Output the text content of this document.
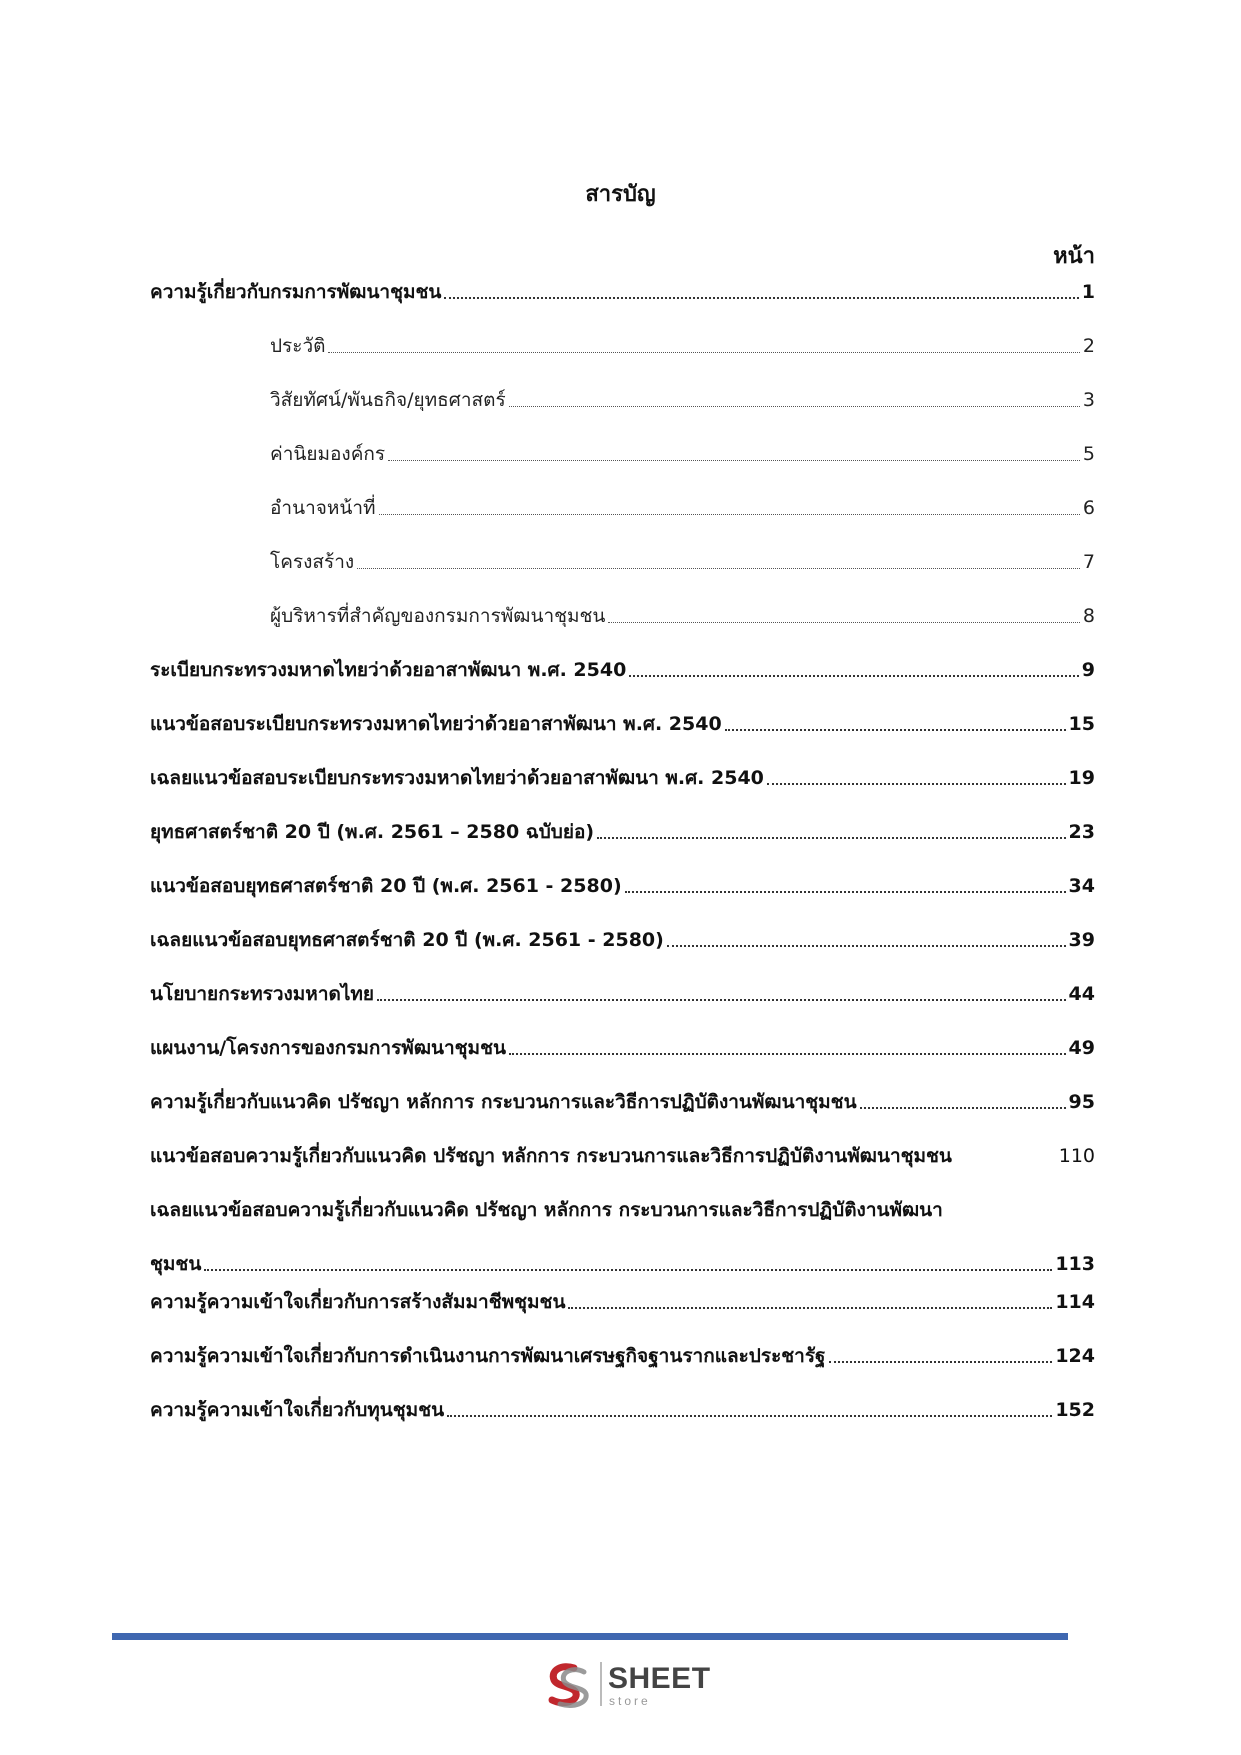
สารบัญ
หน้า
ความรู้เกี่ยวกับกรมการพัฒนาชุมชน	1
ประวัติ	2
วิสัยทัศน์/พันธกิจ/ยุทธศาสตร์	3
ค่านิยมองค์กร	5
อำนาจหน้าที่	6
โครงสร้าง	7
ผู้บริหารที่สำคัญของกรมการพัฒนาชุมชน	8
ระเบียบกระทรวงมหาดไทยว่าด้วยอาสาพัฒนา พ.ศ. 2540	9
แนวข้อสอบระเบียบกระทรวงมหาดไทยว่าด้วยอาสาพัฒนา พ.ศ. 2540	15
เฉลยแนวข้อสอบระเบียบกระทรวงมหาดไทยว่าด้วยอาสาพัฒนา พ.ศ. 2540	19
ยุทธศาสตร์ชาติ 20 ปี (พ.ศ. 2561 – 2580 ฉบับย่อ)	23
แนวข้อสอบยุทธศาสตร์ชาติ 20 ปี (พ.ศ. 2561 - 2580)	34
เฉลยแนวข้อสอบยุทธศาสตร์ชาติ 20 ปี (พ.ศ. 2561 - 2580)	39
นโยบายกระทรวงมหาดไทย	44
แผนงาน/โครงการของกรมการพัฒนาชุมชน	49
ความรู้เกี่ยวกับแนวคิด ปรัชญา หลักการ กระบวนการและวิธีการปฏิบัติงานพัฒนาชุมชน	95
แนวข้อสอบความรู้เกี่ยวกับแนวคิด ปรัชญา หลักการ กระบวนการและวิธีการปฏิบัติงานพัฒนาชุมชน	110
เฉลยแนวข้อสอบความรู้เกี่ยวกับแนวคิด ปรัชญา หลักการ กระบวนการและวิธีการปฏิบัติงานพัฒนา
ชุมชน	113
ความรู้ความเข้าใจเกี่ยวกับการสร้างสัมมาชีพชุมชน	114
ความรู้ความเข้าใจเกี่ยวกับการดำเนินงานการพัฒนาเศรษฐกิจฐานรากและประชารัฐ	124
ความรู้ความเข้าใจเกี่ยวกับทุนชุมชน	152
SHEET
store
